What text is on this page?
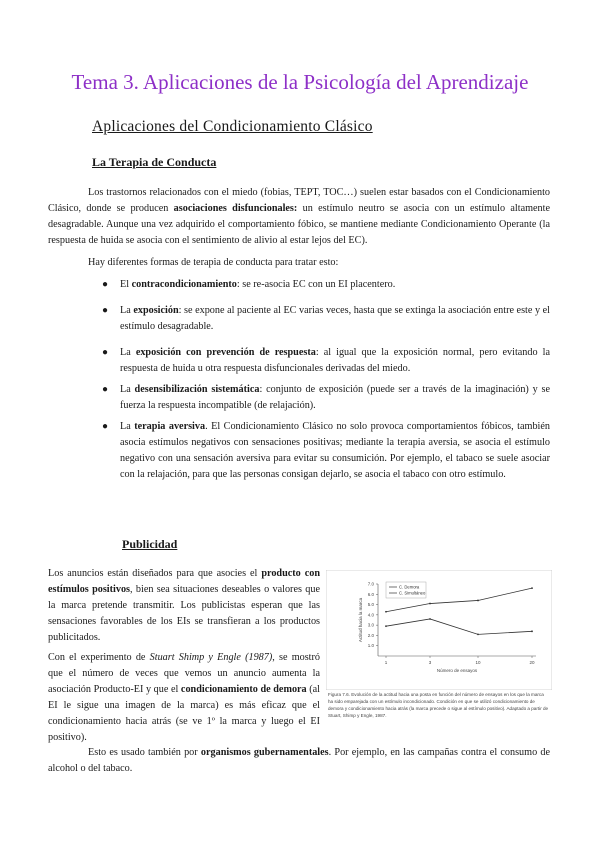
Tema 3. Aplicaciones de la Psicología del Aprendizaje
Aplicaciones del Condicionamiento Clásico
La Terapia de Conducta
Los trastornos relacionados con el miedo (fobias, TEPT, TOC…) suelen estar basados con el Condicionamiento Clásico, donde se producen asociaciones disfuncionales: un estímulo neutro se asocia con un estímulo altamente desagradable. Aunque una vez adquirido el comportamiento fóbico, se mantiene mediante Condicionamiento Operante (la respuesta de huida se asocia con el sentimiento de alivio al estar lejos del EC).
Hay diferentes formas de terapia de conducta para tratar esto:
● El contracondicionamiento: se re-asocia EC con un EI placentero.
● La exposición: se expone al paciente al EC varias veces, hasta que se extinga la asociación entre este y el estímulo desagradable.
● La exposición con prevención de respuesta: al igual que la exposición normal, pero evitando la respuesta de huida u otra respuesta disfuncionales derivadas del miedo.
● La desensibilización sistemática: conjunto de exposición (puede ser a través de la imaginación) y se fuerza la respuesta incompatible (de relajación).
● La terapia aversiva. El Condicionamiento Clásico no solo provoca comportamientos fóbicos, también asocia estímulos negativos con sensaciones positivas; mediante la terapia aversia, se asocia el estímulo negativo con una sensación aversiva para evitar su consumición. Por ejemplo, el tabaco se suele asociar con la relajación, para que las personas consigan dejarlo, se asocia el tabaco con otro estímulo.
Publicidad
Los anuncios están diseñados para que asocies el producto con estímulos positivos, bien sea situaciones deseables o valores que la marca pretende transmitir. Los publicistas esperan que las sensaciones favorables de los EIs se transfieran a los productos publicitados.
Con el experimento de Stuart Shimp y Engle (1987), se mostró que el número de veces que vemos un anuncio aumenta la asociación Producto-EI y que el condicionamiento de demora (al EI le sigue una imagen de la marca) es más eficaz que el condicionamiento hacia atrás (se ve 1º la marca y luego el EI positivo).
Esto es usado también por organismos gubernamentales. Por ejemplo, en las campañas contra el consumo de alcohol o del tabaco.
1.0
2.0
3.0
4.0
5.0
6.0
7.0
1	3	10	20
Número de ensayos
Actitud hacia la marca
C. Demora
C. Simultáneo
Figura 7.6. Evolución de la actitud hacia una posta en función del número de ensayos en los que la marca ha sido emparejada con un estímulo incondicionado. Condición en que se utilizó condicionamiento de demora y condicionamiento hacia atrás (la marca precede o sigue al estímulo positivo). Adaptado a partir de Stuart, Shimp y Engle, 1987.
